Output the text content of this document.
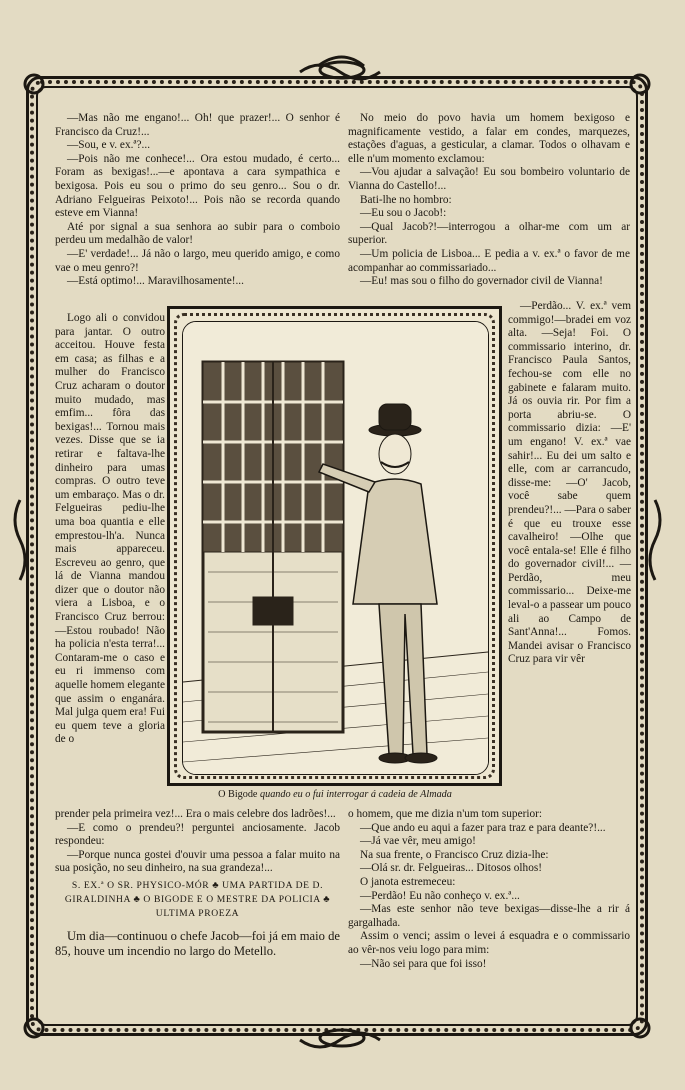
—Mas não me engano!... Oh! que prazer!... O senhor é Francisco da Cruz!...

—Sou, e v. ex.ª?...

—Pois não me conhece!... Ora estou mudado, é certo... Foram as bexigas!...—e apontava a cara sympathica e bexigosa. Pois eu sou o primo do seu genro... Sou o dr. Adriano Felgueiras Peixoto!... Pois não se recorda quando esteve em Vianna!

Até por signal a sua senhora ao subir para o comboio perdeu um medalhão de valor!

—E' verdade!... Já não o largo, meu querido amigo, e como vae o meu genro?!

—Está optimo!... Maravilhosamente!...

No meio do povo havia um homem bexigoso e magnificamente vestido, a falar em condes, marquezes, estações d'aguas, a gesticular, a clamar. Todos o olhavam e elle n'um momento exclamou:

—Vou ajudar a salvação! Eu sou bombeiro voluntario de Vianna do Castello!...

Bati-lhe no hombro:

—Eu sou o Jacob!:

—Qual Jacob?!—interrogou a olhar-me com um ar superior.

—Um policia de Lisboa... E pedia a v. ex.ª o favor de me acompanhar ao commissariado...

—Eu! mas sou o filho do governador civil de Vianna!

Logo ali o convidou para jantar. O outro acceitou. Houve festa em casa; as filhas e a mulher do Francisco Cruz acharam o doutor muito mudado, mas emfim... fôra das bexigas!... Tornou mais vezes. Disse que se ia retirar e faltava-lhe dinheiro para umas compras. O outro teve um embaraço. Mas o dr. Felgueiras pediu-lhe uma boa quantia e elle emprestou-lh'a. Nunca mais appareceu. Escreveu ao genro, que lá de Vianna mandou dizer que o doutor não viera a Lisboa, e o Francisco Cruz berrou: —Estou roubado! Não ha policia n'esta terra!... Contaram-me o caso e eu ri immenso com aquelle homem elegante que assim o enganára. Mal julga quem era! Fui eu quem teve a gloria de o

—Perdão... V. ex.ª vem commigo!—bradei em voz alta. —Seja! Foi. O commissario interino, dr. Francisco Paula Santos, fechou-se com elle no gabinete e falaram muito. Já os ouvia rir. Por fim a porta abriu-se. O commissario dizia: —E' um engano! V. ex.ª vae sahir!... Eu dei um salto e elle, com ar carrancudo, disse-me: —O' Jacob, você sabe quem prendeu?!... —Para o saber é que eu trouxe esse cavalheiro! —Olhe que você entala-se! Elle é filho do governador civil!... —Perdão, meu commissario... Deixe-me leval-o a passear um pouco ali ao Campo de Sant'Anna!... Fomos. Mandei avisar o Francisco Cruz para vir vêr

O Bigode quando eu o fui interrogar á cadeia de Almada

prender pela primeira vez!... Era o mais celebre dos ladrões!...

—E como o prendeu?! perguntei anciosamente. Jacob respondeu:

—Porque nunca gostei d'ouvir uma pessoa a falar muito na sua posição, no seu dinheiro, na sua grandeza!...

S. EX.ª O SR. PHYSICO-MÓR ♣ UMA PARTIDA DE D. GIRALDINHA ♣ O BIGODE E O MESTRE DA POLICIA ♣ ULTIMA PROEZA

Um dia—continuou o chefe Jacob—foi já em maio de 85, houve um incendio no largo do Metello.

o homem, que me dizia n'um tom superior:

—Que ando eu aqui a fazer para traz e para deante?!...

—Já vae vêr, meu amigo!

Na sua frente, o Francisco Cruz dizia-lhe:

—Olá sr. dr. Felgueiras... Ditosos olhos!

O janota estremeceu:

—Perdão! Eu não conheço v. ex.ª...

—Mas este senhor não teve bexigas—disse-lhe a rir á gargalhada.

Assim o venci; assim o levei á esquadra e o commissario ao vêr-nos veiu logo para mim:

—Não sei para que foi isso!
